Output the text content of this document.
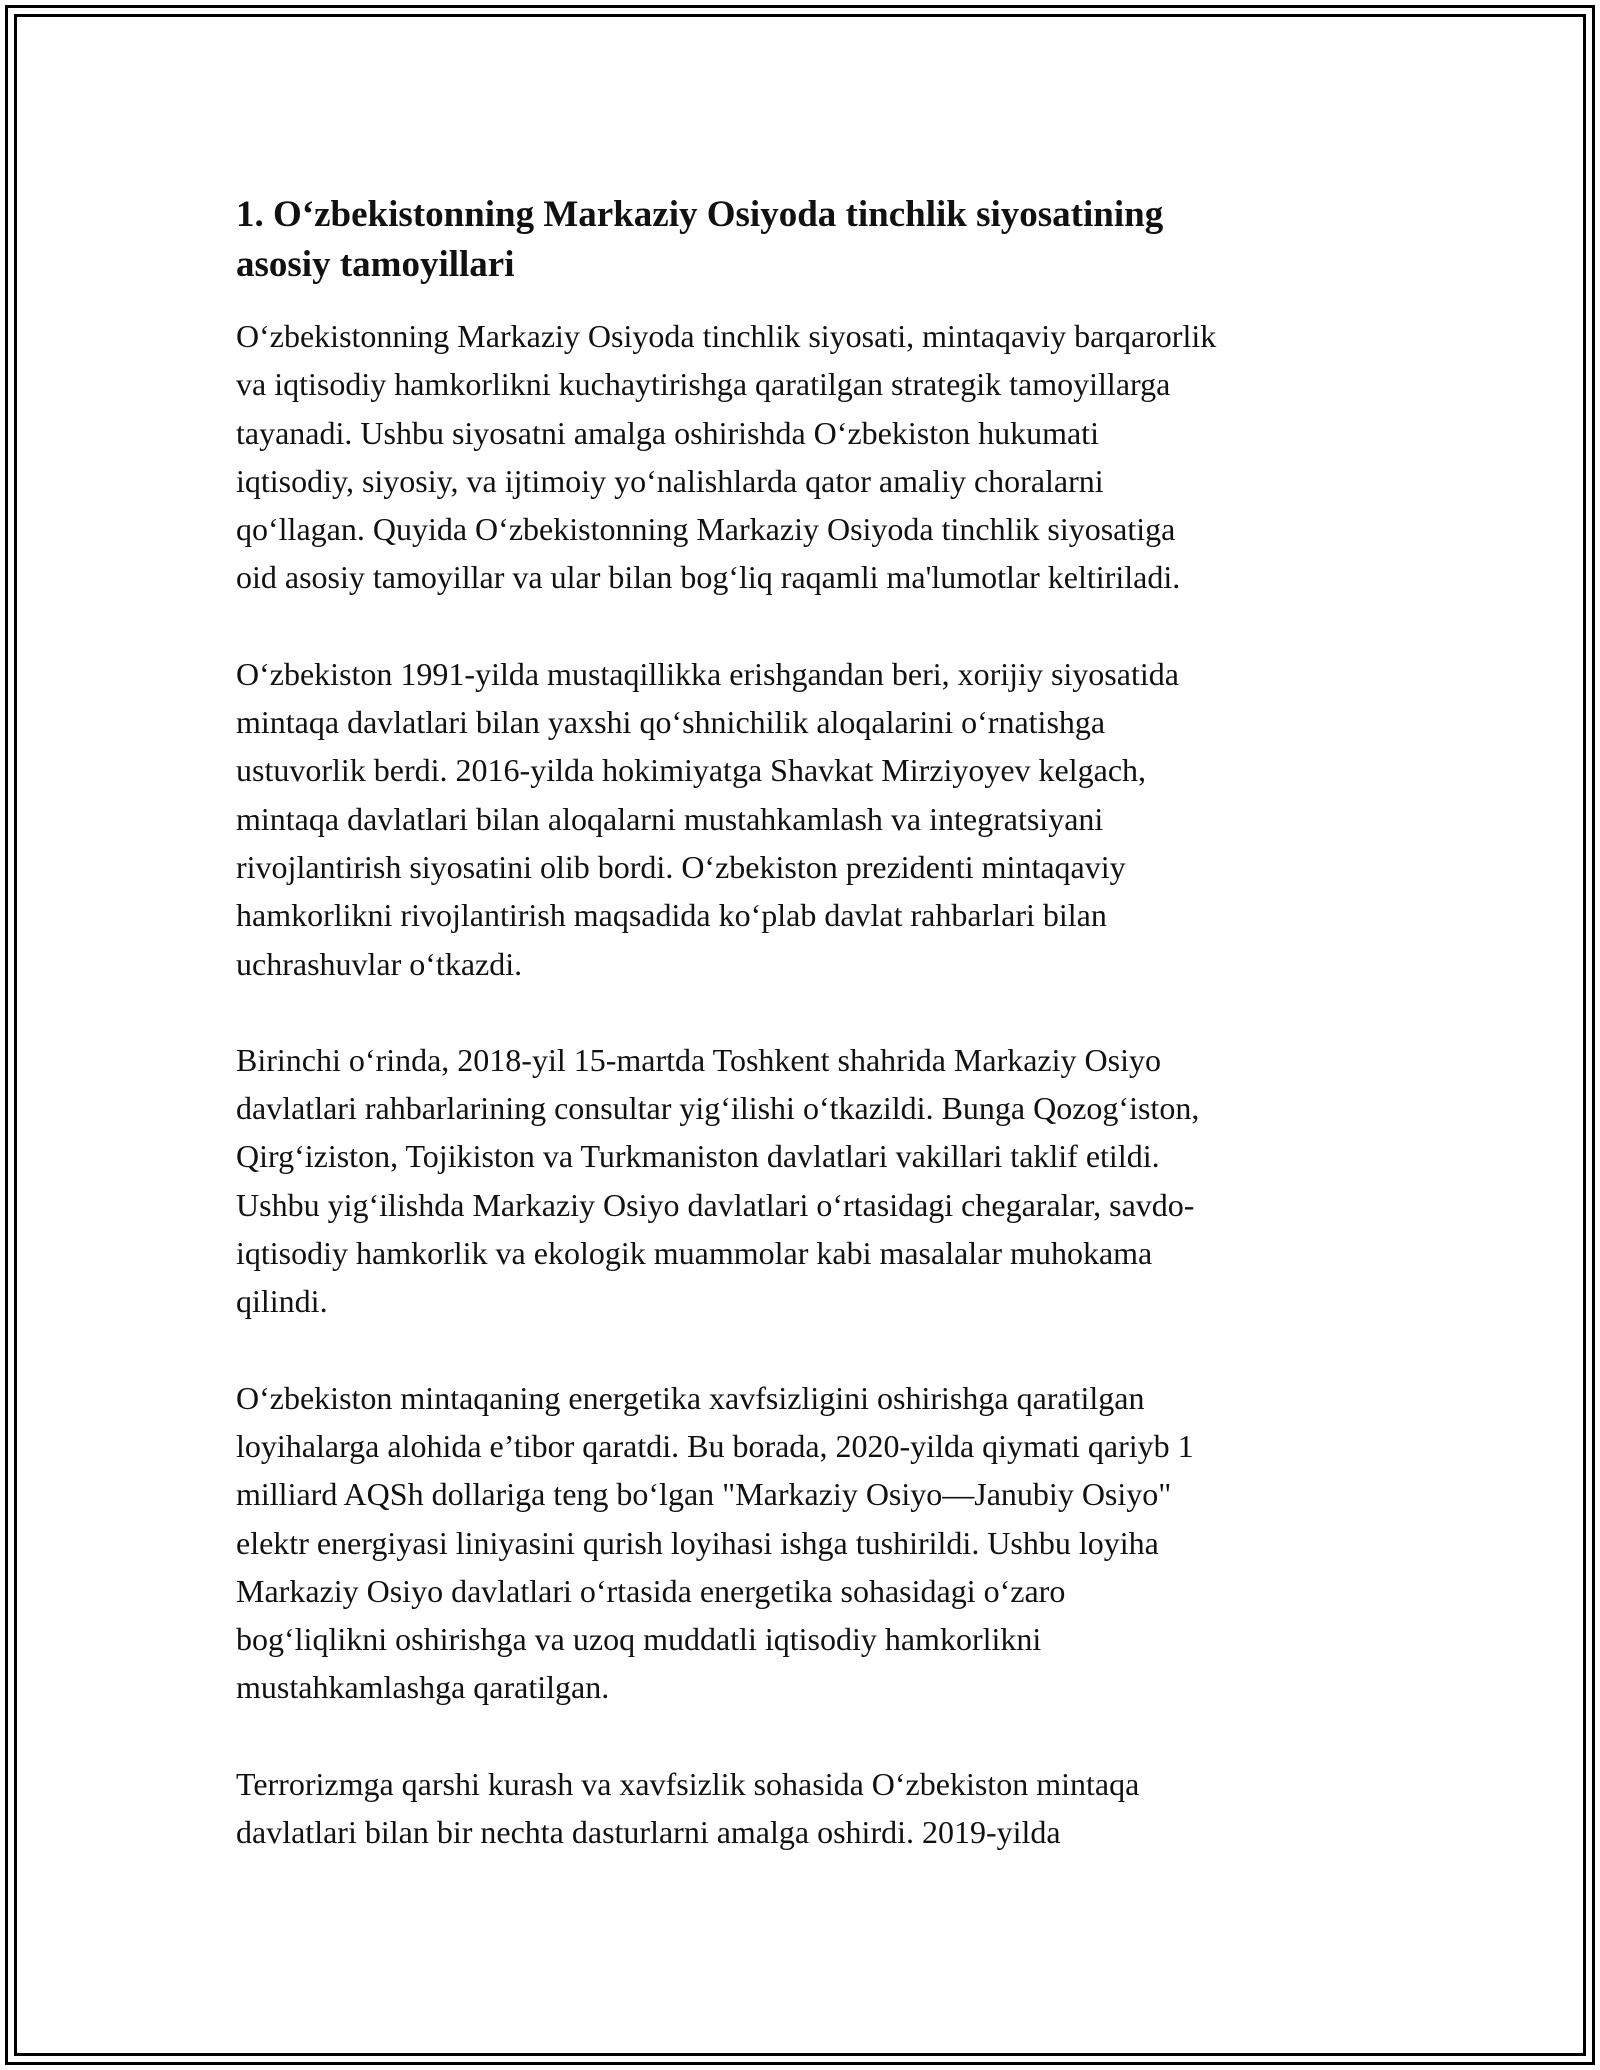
1. O‘zbekistonning Markaziy Osiyoda tinchlik siyosatining
asosiy tamoyillari

O‘zbekistonning Markaziy Osiyoda tinchlik siyosati, mintaqaviy barqarorlik
va iqtisodiy hamkorlikni kuchaytirishga qaratilgan strategik tamoyillarga
tayanadi. Ushbu siyosatni amalga oshirishda O‘zbekiston hukumati
iqtisodiy, siyosiy, va ijtimoiy yo‘nalishlarda qator amaliy choralarni
qo‘llagan. Quyida O‘zbekistonning Markaziy Osiyoda tinchlik siyosatiga
oid asosiy tamoyillar va ular bilan bog‘liq raqamli ma'lumotlar keltiriladi.

O‘zbekiston 1991-yilda mustaqillikka erishgandan beri, xorijiy siyosatida
mintaqa davlatlari bilan yaxshi qo‘shnichilik aloqalarini o‘rnatishga
ustuvorlik berdi. 2016-yilda hokimiyatga Shavkat Mirziyoyev kelgach,
mintaqa davlatlari bilan aloqalarni mustahkamlash va integratsiyani
rivojlantirish siyosatini olib bordi. O‘zbekiston prezidenti mintaqaviy
hamkorlikni rivojlantirish maqsadida ko‘plab davlat rahbarlari bilan
uchrashuvlar o‘tkazdi.

Birinchi o‘rinda, 2018-yil 15-martda Toshkent shahrida Markaziy Osiyo
davlatlari rahbarlarining consultar yig‘ilishi o‘tkazildi. Bunga Qozog‘iston,
Qirg‘iziston, Tojikiston va Turkmaniston davlatlari vakillari taklif etildi.
Ushbu yig‘ilishda Markaziy Osiyo davlatlari o‘rtasidagi chegaralar, savdo-
iqtisodiy hamkorlik va ekologik muammolar kabi masalalar muhokama
qilindi.

O‘zbekiston mintaqaning energetika xavfsizligini oshirishga qaratilgan
loyihalarga alohida e’tibor qaratdi. Bu borada, 2020-yilda qiymati qariyb 1
milliard AQSh dollariga teng bo‘lgan "Markaziy Osiyo—Janubiy Osiyo"
elektr energiyasi liniyasini qurish loyihasi ishga tushirildi. Ushbu loyiha
Markaziy Osiyo davlatlari o‘rtasida energetika sohasidagi o‘zaro
bog‘liqlikni oshirishga va uzoq muddatli iqtisodiy hamkorlikni
mustahkamlashga qaratilgan.

Terrorizmga qarshi kurash va xavfsizlik sohasida O‘zbekiston mintaqa
davlatlari bilan bir nechta dasturlarni amalga oshirdi. 2019-yilda
